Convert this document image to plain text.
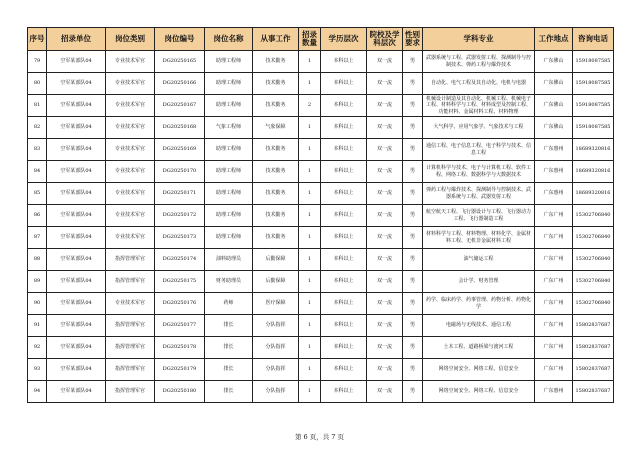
序号	招录单位	岗位类别	岗位编号	岗位名称	从事工作	招录数量	学历层次	院校及学科层次	性别要求	学科专业	工作地点	咨询电话
79	空军某部队04	专业技术军官	DG20250165	助理工程师	技术勤务	1	本科以上	双一流	男	武器系统与工程、武器发射工程、探测制导与控制技术、弹药工程与爆炸技术	广东佛山	15918087585
80	空军某部队04	专业技术军官	DG20250166	助理工程师	技术勤务	1	本科以上	双一流	男	自动化、电气工程及其自动化、电机与电器	广东佛山	15918087585
81	空军某部队04	专业技术军官	DG20250167	助理工程师	技术勤务	2	本科以上	双一流	男	机械设计制造及其自动化、机械工程、机械电子工程、材料科学与工程、材料成型及控制工程、功能材料、金属材料工程、材料物理	广东佛山	15918087585
82	空军某部队04	专业技术军官	DG20250168	气象工程师	气象保障	1	本科以上	双一流	男	大气科学、应用气象学、气象技术与工程	广东佛山	15918087585
83	空军某部队04	专业技术军官	DG20250169	助理工程师	技术勤务	1	本科以上	双一流	男	通信工程、电子信息工程、电子科学与技术、信息工程	广东惠州	18689320816
84	空军某部队04	专业技术军官	DG20250170	助理工程师	技术勤务	1	本科以上	双一流	男	计算机科学与技术、电子与计算机工程、软件工程、网络工程、数据科学与大数据技术	广东惠州	18689320816
85	空军某部队04	专业技术军官	DG20250171	助理工程师	技术勤务	1	本科以上	双一流	男	弹药工程与爆炸技术、探测制导与控制技术、武器系统与工程、武器发射工程	广东惠州	18689320816
86	空军某部队04	专业技术军官	DG20250172	助理工程师	技术勤务	1	本科以上	双一流	男	航空航天工程、飞行器设计与工程、飞行器动力工程、飞行器制造工程	广东广州	15302706840
87	空军某部队04	专业技术军官	DG20250173	助理工程师	技术勤务	1	本科以上	双一流	男	材料科学与工程、材料物理、材料化学、金属材料工程、无机非金属材料工程	广东广州	15302706840
88	空军某部队04	指挥管理军官	DG20250174	油料助理员	后勤保障	1	本科以上	双一流	男	油气储运工程	广东广州	15302706840
89	空军某部队04	指挥管理军官	DG20250175	财务助理员	后勤保障	1	本科以上	双一流	男	会计学、财务管理	广东广州	15302706840
90	空军某部队04	专业技术军官	DG20250176	药师	医疗保障	1	本科以上	双一流	男	药学、临床药学、药事管理、药物分析、药物化学	广东广州	15302706840
91	空军某部队04	指挥管理军官	DG20250177	排长	分队指挥	1	本科以上	双一流	男	电磁场与无线技术、通信工程	广东广州	15802837687
92	空军某部队04	指挥管理军官	DG20250178	排长	分队指挥	1	本科以上	双一流	男	土木工程、道路桥梁与渡河工程	广东广州	15802837687
93	空军某部队04	指挥管理军官	DG20250179	排长	分队指挥	1	本科以上	双一流	男	网络空间安全、网络工程、信息安全	广东广州	15802837687
94	空军某部队04	指挥管理军官	DG20250180	排长	分队指挥	1	本科以上	双一流	男	网络空间安全、网络工程、信息安全	广东惠州	15802837687
第 6 页，共 7 页
